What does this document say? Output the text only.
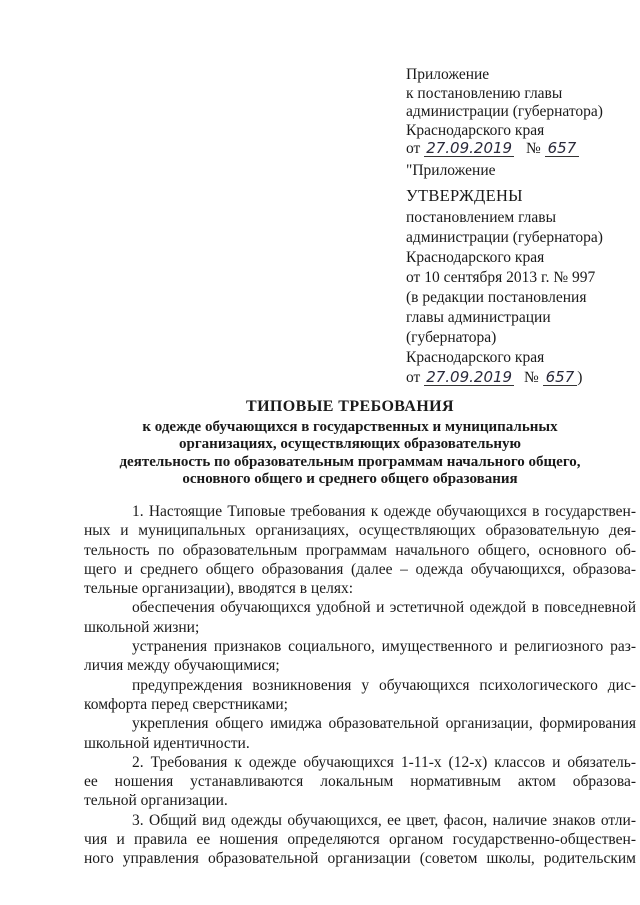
Приложение
к постановлению главы
администрации (губернатора)
Краснодарского края
от 27.09.2019 № 657
"Приложение
УТВЕРЖДЕНЫ
постановлением главы
администрации (губернатора)
Краснодарского края
от 10 сентября 2013 г. № 997
(в редакции постановления
главы администрации
(губернатора)
Краснодарского края
от 27.09.2019 № 657 )
ТИПОВЫЕ ТРЕБОВАНИЯ
к одежде обучающихся в государственных и муниципальных
организациях, осуществляющих образовательную
деятельность по образовательным программам начального общего,
основного общего и среднего общего образования
1. Настоящие Типовые требования к одежде обучающихся в государствен-
ных и муниципальных организациях, осуществляющих образовательную дея-
тельность по образовательным программам начального общего, основного об-
щего и среднего общего образования (далее – одежда обучающихся, образова-
тельные организации), вводятся в целях:
обеспечения обучающихся удобной и эстетичной одеждой в повседневной
школьной жизни;
устранения признаков социального, имущественного и религиозного раз-
личия между обучающимися;
предупреждения возникновения у обучающихся психологического дис-
комфорта перед сверстниками;
укрепления общего имиджа образовательной организации, формирования
школьной идентичности.
2. Требования к одежде обучающихся 1-11-х (12-х) классов и обязатель-
ее ношения устанавливаются локальным нормативным актом образова-
тельной организации.
3. Общий вид одежды обучающихся, ее цвет, фасон, наличие знаков отли-
чия и правила ее ношения определяются органом государственно-обществен-
ного управления образовательной организации (советом школы, родительским
